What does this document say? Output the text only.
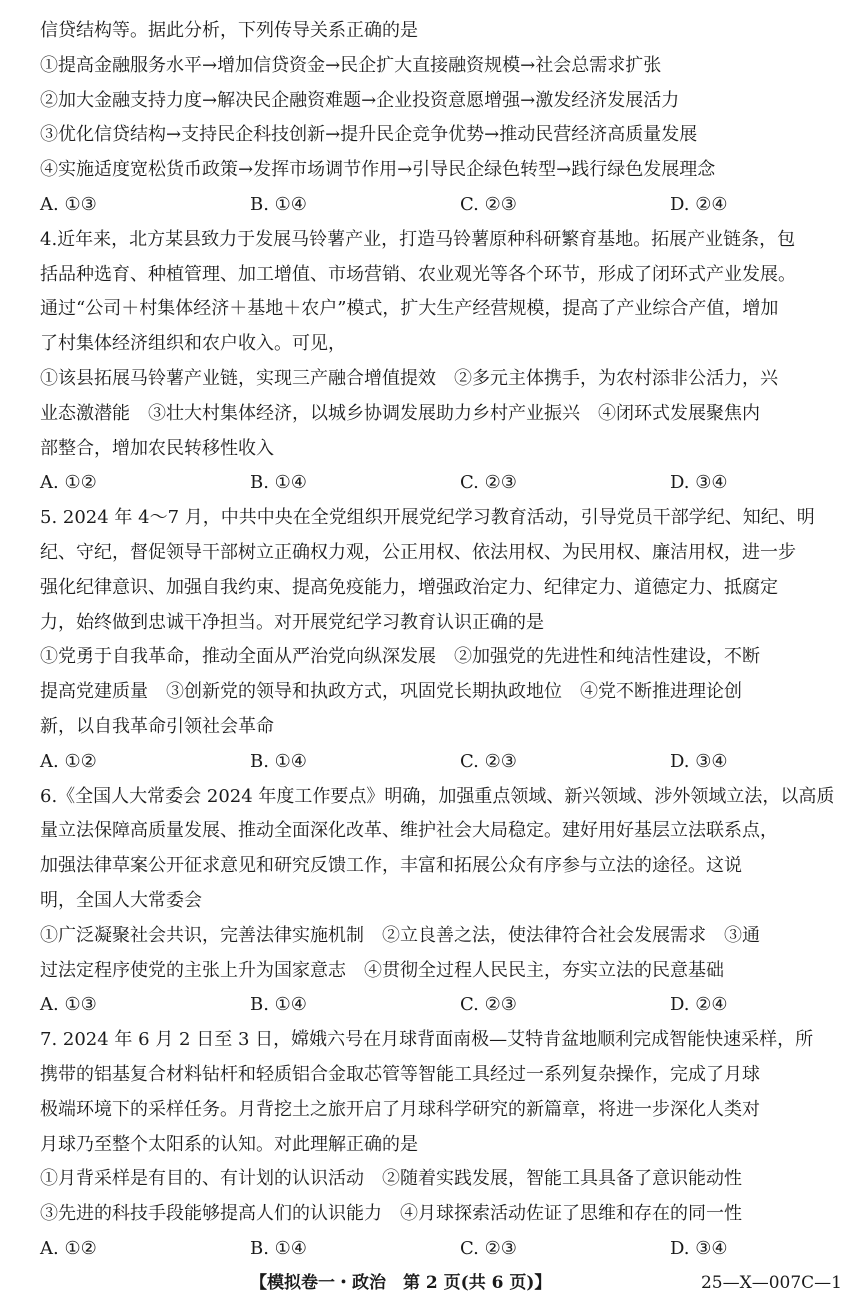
信贷结构等。据此分析，下列传导关系正确的是

①提高金融服务水平→增加信贷资金→民企扩大直接融资规模→社会总需求扩张

②加大金融支持力度→解决民企融资难题→企业投资意愿增强→激发经济发展活力

③优化信贷结构→支持民企科技创新→提升民企竞争优势→推动民营经济高质量发展

④实施适度宽松货币政策→发挥市场调节作用→引导民企绿色转型→践行绿色发展理念

A. ①③	B. ①④	C. ②③	D. ②④

4.近年来，北方某县致力于发展马铃薯产业，打造马铃薯原种科研繁育基地。拓展产业链条，包

括品种选育、种植管理、加工增值、市场营销、农业观光等各个环节，形成了闭环式产业发展。

通过“公司＋村集体经济＋基地＋农户”模式，扩大生产经营规模，提高了产业综合产值，增加

了村集体经济组织和农户收入。可见，

①该县拓展马铃薯产业链，实现三产融合增值提效　②多元主体携手，为农村添非公活力，兴

业态激潜能　③壮大村集体经济，以城乡协调发展助力乡村产业振兴　④闭环式发展聚焦内

部整合，增加农民转移性收入

A. ①②	B. ①④	C. ②③	D. ③④

5. 2024 年 4～7 月，中共中央在全党组织开展党纪学习教育活动，引导党员干部学纪、知纪、明

纪、守纪，督促领导干部树立正确权力观，公正用权、依法用权、为民用权、廉洁用权，进一步

强化纪律意识、加强自我约束、提高免疫能力，增强政治定力、纪律定力、道德定力、抵腐定

力，始终做到忠诚干净担当。对开展党纪学习教育认识正确的是

①党勇于自我革命，推动全面从严治党向纵深发展　②加强党的先进性和纯洁性建设，不断

提高党建质量　③创新党的领导和执政方式，巩固党长期执政地位　④党不断推进理论创

新，以自我革命引领社会革命

A. ①②	B. ①④	C. ②③	D. ③④

6.《全国人大常委会 2024 年度工作要点》明确，加强重点领域、新兴领域、涉外领域立法，以高质

量立法保障高质量发展、推动全面深化改革、维护社会大局稳定。建好用好基层立法联系点，

加强法律草案公开征求意见和研究反馈工作，丰富和拓展公众有序参与立法的途径。这说

明，全国人大常委会

①广泛凝聚社会共识，完善法律实施机制　②立良善之法，使法律符合社会发展需求　③通

过法定程序使党的主张上升为国家意志　④贯彻全过程人民民主，夯实立法的民意基础

A. ①③	B. ①④	C. ②③	D. ②④

7. 2024 年 6 月 2 日至 3 日，嫦娥六号在月球背面南极—艾特肯盆地顺利完成智能快速采样，所

携带的铝基复合材料钻杆和轻质铝合金取芯管等智能工具经过一系列复杂操作，完成了月球

极端环境下的采样任务。月背挖土之旅开启了月球科学研究的新篇章，将进一步深化人类对

月球乃至整个太阳系的认知。对此理解正确的是

①月背采样是有目的、有计划的认识活动　②随着实践发展，智能工具具备了意识能动性

③先进的科技手段能够提高人们的认识能力　④月球探索活动佐证了思维和存在的同一性

A. ①②	B. ①④	C. ②③	D. ③④

【模拟卷一・政治　第 2 页(共 6 页)】	25—X—007C—1
